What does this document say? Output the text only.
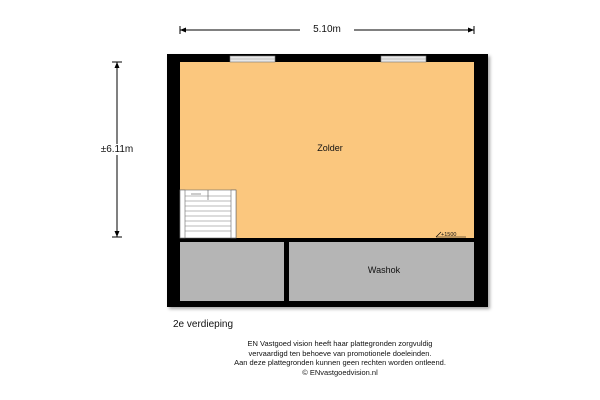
5.10m
±6.11m	Zolder
Washok
+1500
2e verdieping
EN Vastgoed vision heeft haar plattegronden zorgvuldig
vervaardigd ten behoeve van promotionele doeleinden.
Aan deze plattegronden kunnen geen rechten worden ontleend.
© ENvastgoedvision.nl
